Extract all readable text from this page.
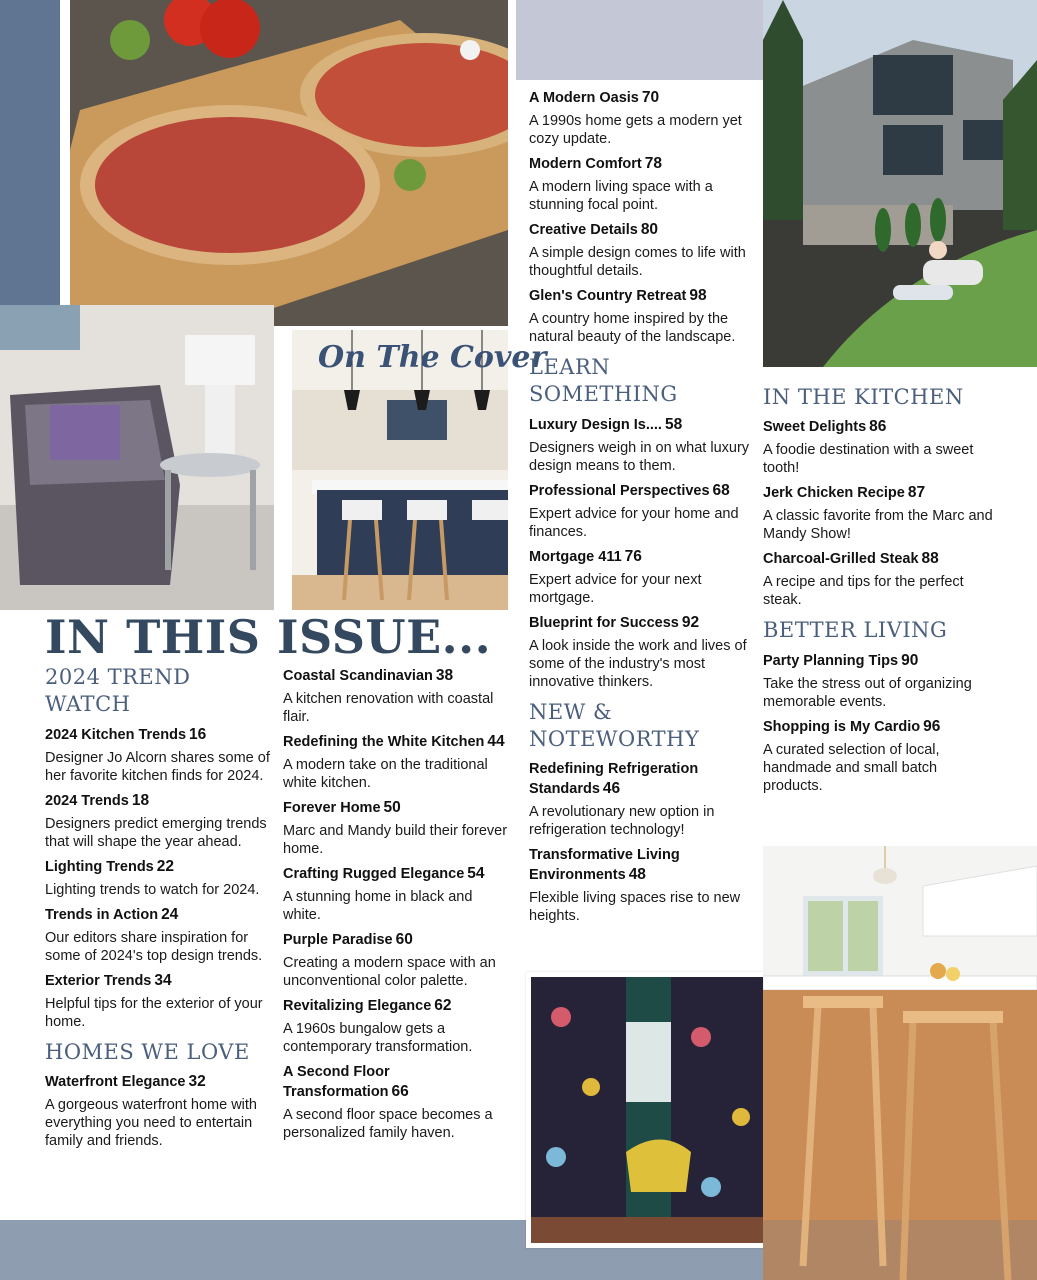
On The Cover
IN THIS ISSUE...
2024 TREND WATCH
2024 Kitchen Trends 16
Designer Jo Alcorn shares some of her favorite kitchen finds for 2024.
2024 Trends 18
Designers predict emerging trends that will shape the year ahead.
Lighting Trends 22
Lighting trends to watch for 2024.
Trends in Action 24
Our editors share inspiration for some of 2024's top design trends.
Exterior Trends 34
Helpful tips for the exterior of your home.
HOMES WE LOVE
Waterfront Elegance 32
A gorgeous waterfront home with everything you need to entertain family and friends.
Coastal Scandinavian 38
A kitchen renovation with coastal flair.
Redefining the White Kitchen 44
A modern take on the traditional white kitchen.
Forever Home 50
Marc and Mandy build their forever home.
Crafting Rugged Elegance 54
A stunning home in black and white.
Purple Paradise 60
Creating a modern space with an unconventional color palette.
Revitalizing Elegance 62
A 1960s bungalow gets a contemporary transformation.
A Second Floor Transformation 66
A second floor space becomes a personalized family haven.
A Modern Oasis 70
A 1990s home gets a modern yet cozy update.
Modern Comfort 78
A modern living space with a stunning focal point.
Creative Details 80
A simple design comes to life with thoughtful details.
Glen's Country Retreat 98
A country home inspired by the natural beauty of the landscape.
LEARN SOMETHING
Luxury Design Is.... 58
Designers weigh in on what luxury design means to them.
Professional Perspectives 68
Expert advice for your home and finances.
Mortgage 411 76
Expert advice for your next mortgage.
Blueprint for Success 92
A look inside the work and lives of some of the industry's most innovative thinkers.
NEW & NOTEWORTHY
Redefining Refrigeration Standards 46
A revolutionary new option in refrigeration technology!
Transformative Living Environments 48
Flexible living spaces rise to new heights.
IN THE KITCHEN
Sweet Delights 86
A foodie destination with a sweet tooth!
Jerk Chicken Recipe 87
A classic favorite from the Marc and Mandy Show!
Charcoal-Grilled Steak 88
A recipe and tips for the perfect steak.
BETTER LIVING
Party Planning Tips 90
Take the stress out of organizing memorable events.
Shopping is My Cardio 96
A curated selection of local, handmade and small batch products.
